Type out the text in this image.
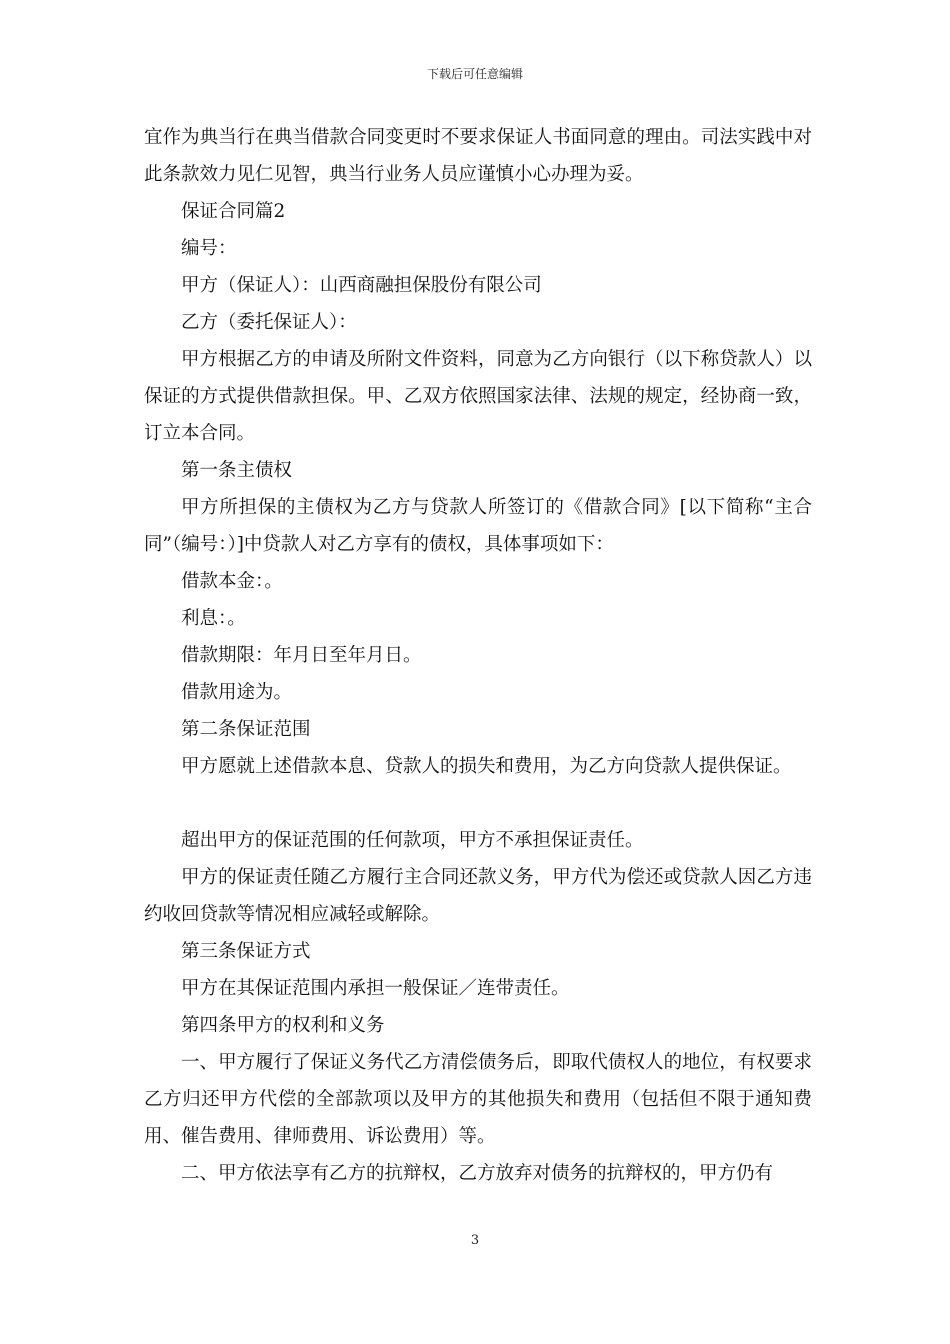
下载后可任意编辑

宜作为典当行在典当借款合同变更时不要求保证人书面同意的理由。司法实践中对此条款效力见仁见智，典当行业务人员应谨慎小心办理为妥。

保证合同篇2

编号：

甲方（保证人）：山西商融担保股份有限公司

乙方（委托保证人）：

甲方根据乙方的申请及所附文件资料，同意为乙方向银行（以下称贷款人）以保证的方式提供借款担保。甲、乙双方依照国家法律、法规的规定，经协商一致，订立本合同。

第一条主债权

甲方所担保的主债权为乙方与贷款人所签订的《借款合同》[以下简称“主合同”（编号：）]中贷款人对乙方享有的债权，具体事项如下：

借款本金：。

利息：。

借款期限：年月日至年月日。

借款用途为。

第二条保证范围

甲方愿就上述借款本息、贷款人的损失和费用，为乙方向贷款人提供保证。

超出甲方的保证范围的任何款项，甲方不承担保证责任。

甲方的保证责任随乙方履行主合同还款义务，甲方代为偿还或贷款人因乙方违约收回贷款等情况相应减轻或解除。

第三条保证方式

甲方在其保证范围内承担一般保证／连带责任。

第四条甲方的权利和义务

一、甲方履行了保证义务代乙方清偿债务后，即取代债权人的地位，有权要求乙方归还甲方代偿的全部款项以及甲方的其他损失和费用（包括但不限于通知费用、催告费用、律师费用、诉讼费用）等。

二、甲方依法享有乙方的抗辩权，乙方放弃对债务的抗辩权的，甲方仍有

3
